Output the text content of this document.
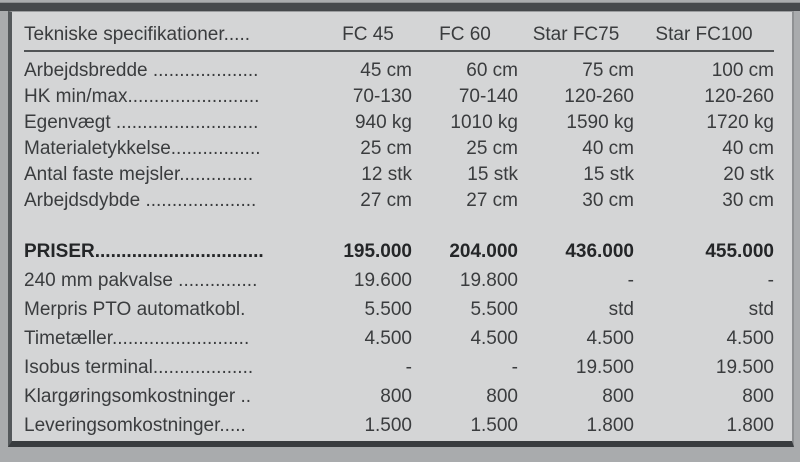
Tekniske specifikationer.....	FC 45	FC 60	Star FC75	Star FC100
Arbejdsbredde ....................	45 cm	60 cm	75 cm	100 cm
HK min/max.........................	70-130	70-140	120-260	120-260
Egenvægt ...........................	940 kg	1010 kg	1590 kg	1720 kg
Materialetykkelse.................	25 cm	25 cm	40 cm	40 cm
Antal faste mejsler..............	12 stk	15 stk	15 stk	20 stk
Arbejdsdybde .....................	27 cm	27 cm	30 cm	30 cm
PRISER................................	195.000	204.000	436.000	455.000
240 mm pakvalse ...............	19.600	19.800	-	-
Merpris PTO automatkobl.	5.500	5.500	std	std
Timetæller..........................	4.500	4.500	4.500	4.500
Isobus terminal...................	-	-	19.500	19.500
Klargøringsomkostninger ..	800	800	800	800
Leveringsomkostninger.....	1.500	1.500	1.800	1.800
